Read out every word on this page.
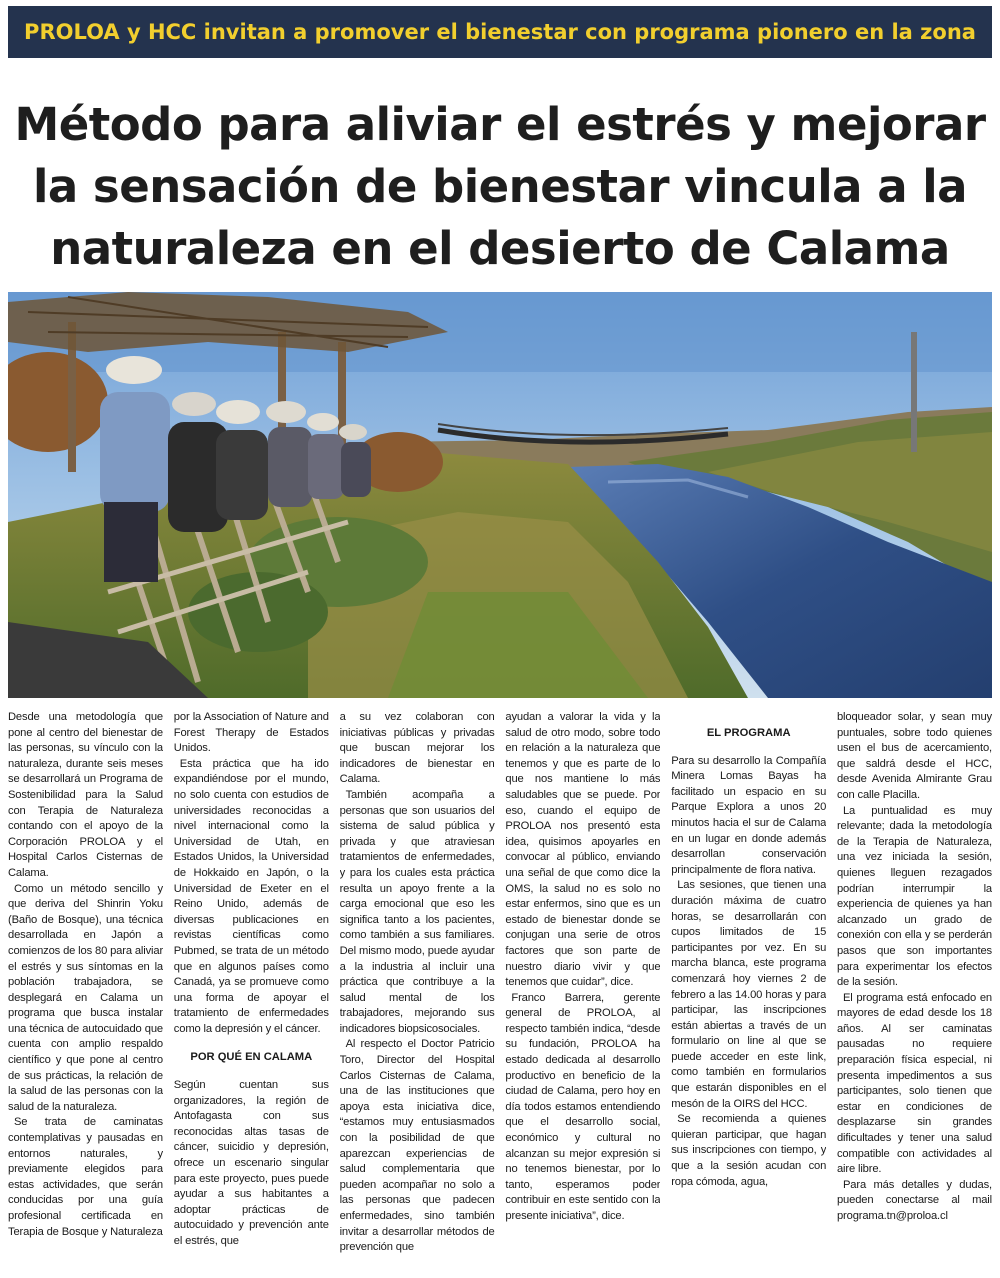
PROLOA y HCC invitan a promover el bienestar con programa pionero en la zona
Método para aliviar el estrés y mejorar
la sensación de bienestar vincula a la
naturaleza en el desierto de Calama

Desde una metodología que pone al centro del bienestar de las personas, su vínculo con la naturaleza, durante seis meses se desarrollará un Programa de Sostenibilidad para la Salud con Terapia de Naturaleza contando con el apoyo de la Corporación PROLOA y el Hospital Carlos Cisternas de Calama.

Como un método sencillo y que deriva del Shinrin Yoku (Baño de Bosque), una técnica desarrollada en Japón a comienzos de los 80 para aliviar el estrés y sus síntomas en la población trabajadora, se desplegará en Calama un programa que busca instalar una técnica de autocuidado que cuenta con amplio respaldo científico y que pone al centro de sus prácticas, la relación de la salud de las personas con la salud de la naturaleza.

Se trata de caminatas contemplativas y pausadas en entornos naturales, y previamente elegidos para estas actividades, que serán conducidas por una guía profesional certificada en Terapia de Bosque y Naturaleza

por la Association of Nature and Forest Therapy de Estados Unidos.

Esta práctica que ha ido expandiéndose por el mundo, no solo cuenta con estudios de universidades reconocidas a nivel internacional como la Universidad de Utah, en Estados Unidos, la Universidad de Hokkaido en Japón, o la Universidad de Exeter en el Reino Unido, además de diversas publicaciones en revistas científicas como Pubmed, se trata de un método que en algunos países como Canadá, ya se promueve como una forma de apoyar el tratamiento de enfermedades como la depresión y el cáncer.

POR QUÉ EN CALAMA

Según cuentan sus organizadores, la región de Antofagasta con sus reconocidas altas tasas de cáncer, suicidio y depresión, ofrece un escenario singular para este proyecto, pues puede ayudar a sus habitantes a adoptar prácticas de autocuidado y prevención ante el estrés, que

a su vez colaboran con iniciativas públicas y privadas que buscan mejorar los indicadores de bienestar en Calama.

También acompaña a personas que son usuarios del sistema de salud pública y privada y que atraviesan tratamientos de enfermedades, y para los cuales esta práctica resulta un apoyo frente a la carga emocional que eso les significa tanto a los pacientes, como también a sus familiares. Del mismo modo, puede ayudar a la industria al incluir una práctica que contribuye a la salud mental de los trabajadores, mejorando sus indicadores biopsicosociales.

Al respecto el Doctor Patricio Toro, Director del Hospital Carlos Cisternas de Calama, una de las instituciones que apoya esta iniciativa dice, “estamos muy entusiasmados con la posibilidad de que aparezcan experiencias de salud complementaria que pueden acompañar no solo a las personas que padecen enfermedades, sino también invitar a desarrollar métodos de prevención que

ayudan a valorar la vida y la salud de otro modo, sobre todo en relación a la naturaleza que tenemos y que es parte de lo que nos mantiene lo más saludables que se puede. Por eso, cuando el equipo de PROLOA nos presentó esta idea, quisimos apoyarles en convocar al público, enviando una señal de que como dice la OMS, la salud no es solo no estar enfermos, sino que es un estado de bienestar donde se conjugan una serie de otros factores que son parte de nuestro diario vivir y que tenemos que cuidar”, dice.

Franco Barrera, gerente general de PROLOA, al respecto también indica, “desde su fundación, PROLOA ha estado dedicada al desarrollo productivo en beneficio de la ciudad de Calama, pero hoy en día todos estamos entendiendo que el desarrollo social, económico y cultural no alcanzan su mejor expresión si no tenemos bienestar, por lo tanto, esperamos poder contribuir en este sentido con la presente iniciativa”, dice.

EL PROGRAMA

Para su desarrollo la Compañía Minera Lomas Bayas ha facilitado un espacio en su Parque Explora a unos 20 minutos hacia el sur de Calama en un lugar en donde además desarrollan conservación principalmente de flora nativa.

Las sesiones, que tienen una duración máxima de cuatro horas, se desarrollarán con cupos limitados de 15 participantes por vez. En su marcha blanca, este programa comenzará hoy viernes 2 de febrero a las 14.00 horas y para participar, las inscripciones están abiertas a través de un formulario on line al que se puede acceder en este link, como también en formularios que estarán disponibles en el mesón de la OIRS del HCC.

Se recomienda a quienes quieran participar, que hagan sus inscripciones con tiempo, y que a la sesión acudan con ropa cómoda, agua,

bloqueador solar, y sean muy puntuales, sobre todo quienes usen el bus de acercamiento, que saldrá desde el HCC, desde Avenida Almirante Grau con calle Placilla.

La puntualidad es muy relevante; dada la metodología de la Terapia de Naturaleza, una vez iniciada la sesión, quienes lleguen rezagados podrían interrumpir la experiencia de quienes ya han alcanzado un grado de conexión con ella y se perderán pasos que son importantes para experimentar los efectos de la sesión.

El programa está enfocado en mayores de edad desde los 18 años. Al ser caminatas pausadas no requiere preparación física especial, ni presenta impedimentos a sus participantes, solo tienen que estar en condiciones de desplazarse sin grandes dificultades y tener una salud compatible con actividades al aire libre.

Para más detalles y dudas, pueden conectarse al mail programa.tn@proloa.cl
